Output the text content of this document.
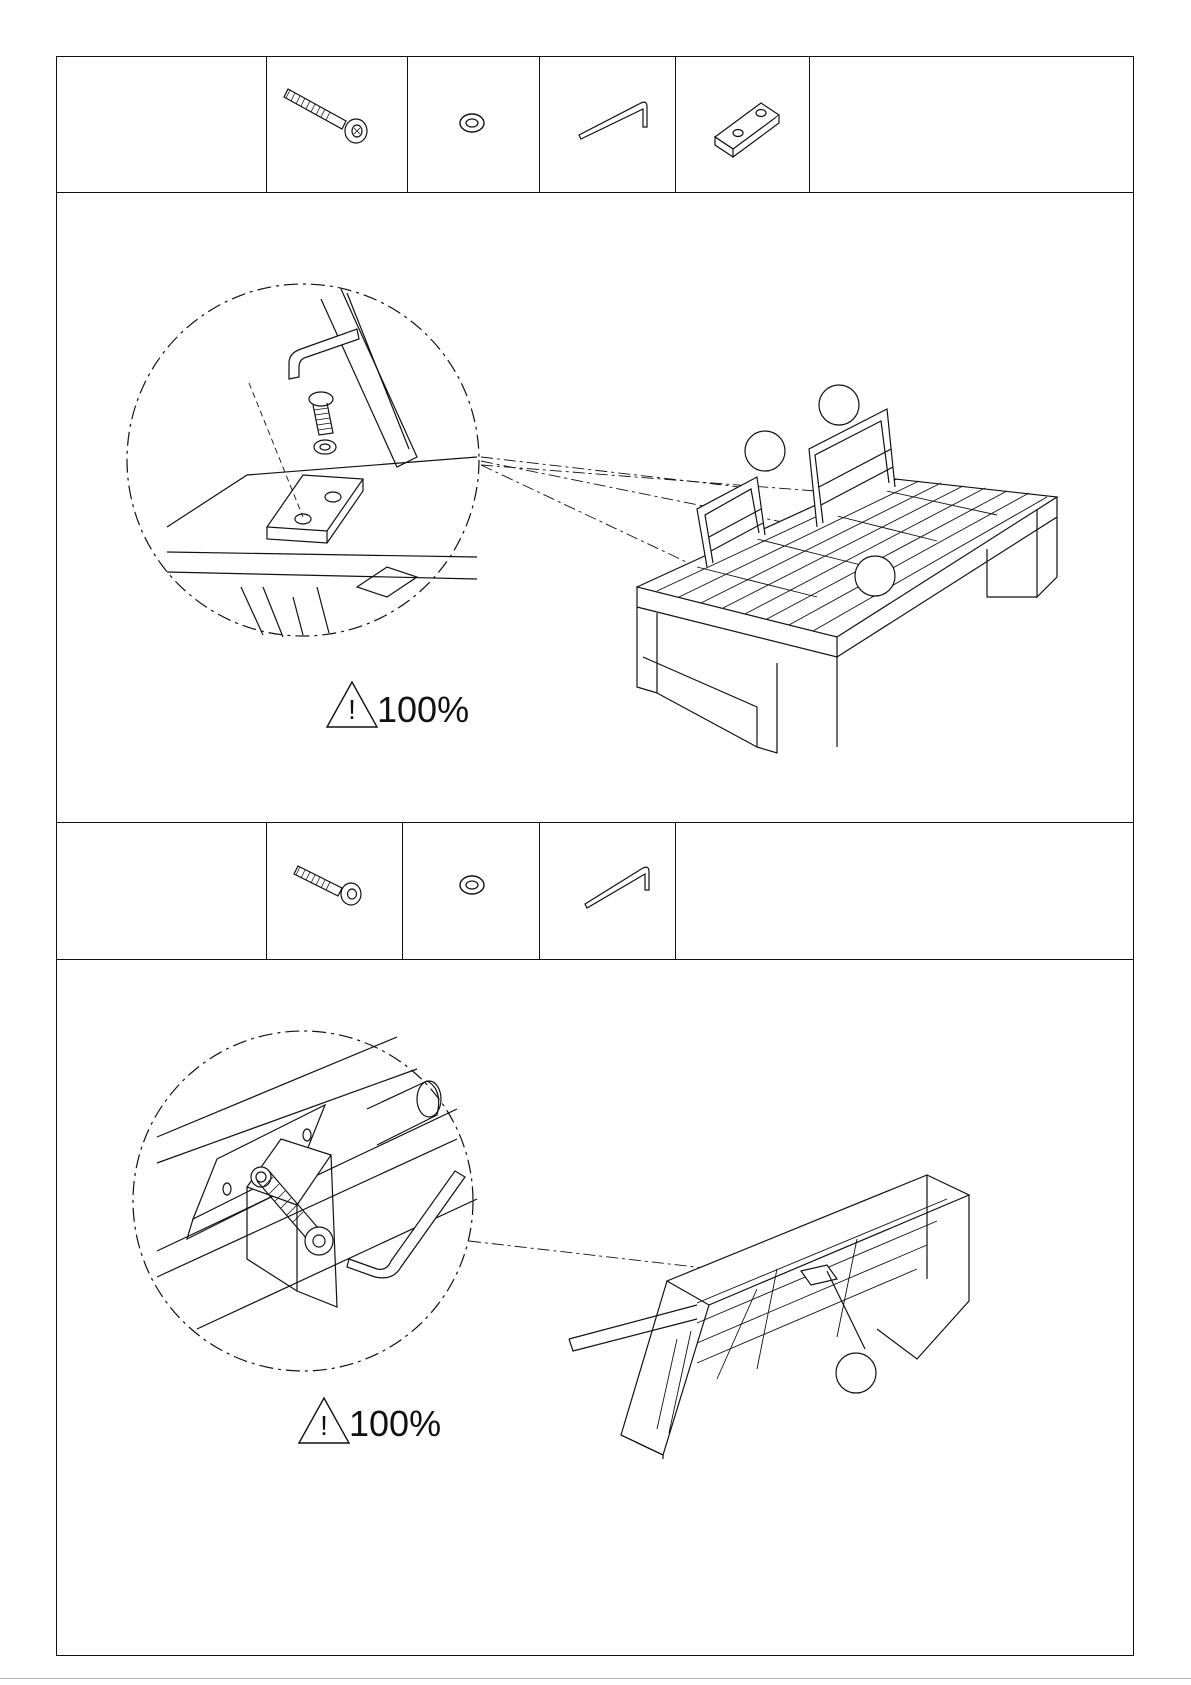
! 100%
! 100%
